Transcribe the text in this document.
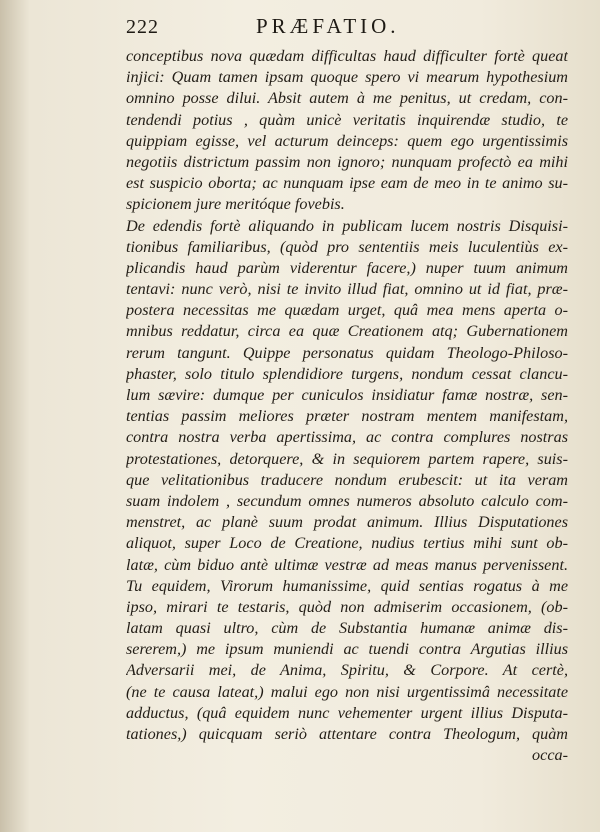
222	PRÆFATIO.
conceptibus nova quædam difficultas haud difficulter fortè queat
injici: Quam tamen ipsam quoque spero vi mearum hypothesium
omnino posse dilui. Absit autem à me penitus, ut credam, con-
tendendi potius , quàm unicè veritatis inquirendæ studio, te
quippiam egisse, vel acturum deinceps: quem ego urgentissimis
negotiis districtum passim non ignoro; nunquam profectò ea mihi
est suspicio oborta; ac nunquam ipse eam de meo in te animo su-
spicionem jure meritóque fovebis.
De edendis fortè aliquando in publicam lucem nostris Disquisi-
tionibus familiaribus, (quòd pro sententiis meis luculentiùs ex-
plicandis haud parùm viderentur facere,) nuper tuum animum
tentavi: nunc verò, nisi te invito illud fiat, omnino ut id fiat, præ-
postera necessitas me quædam urget, quâ mea mens aperta o-
mnibus reddatur, circa ea quæ Creationem atq; Gubernationem
rerum tangunt. Quippe personatus quidam Theologo-Philoso-
phaster, solo titulo splendidiore turgens, nondum cessat clancu-
lum sævire: dumque per cuniculos insidiatur famæ nostræ, sen-
tentias passim meliores præter nostram mentem manifestam,
contra nostra verba apertissima, ac contra complures nostras
protestationes, detorquere, & in sequiorem partem rapere, suis-
que velitationibus traducere nondum erubescit: ut ita veram
suam indolem , secundum omnes numeros absoluto calculo com-
menstret, ac planè suum prodat animum. Illius Disputationes
aliquot, super Loco de Creatione, nudius tertius mihi sunt ob-
latæ, cùm biduo antè ultimæ vestræ ad meas manus pervenissent.
Tu equidem, Virorum humanissime, quid sentias rogatus à me
ipso, mirari te testaris, quòd non admiserim occasionem, (ob-
latam quasi ultro, cùm de Substantia humanæ animæ dis-
sererem,) me ipsum muniendi ac tuendi contra Argutias illius
Adversarii mei, de Anima, Spiritu, & Corpore. At certè,
(ne te causa lateat,) malui ego non nisi urgentissimâ necessitate
adductus, (quâ equidem nunc vehementer urgent illius Disputa-
tationes,) quicquam seriò attentare contra Theologum, quàm
occa-
